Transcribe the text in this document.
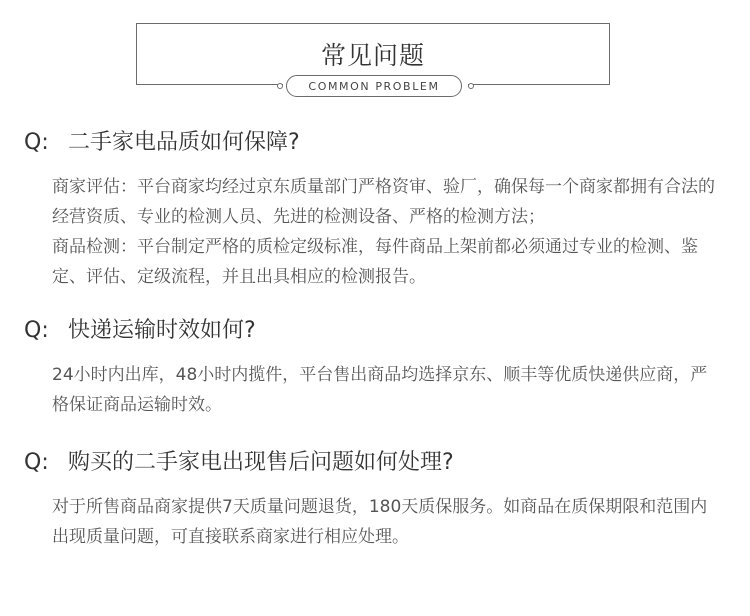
常见问题
COMMON PROBLEM
Q: 二手家电品质如何保障?

商家评估：平台商家均经过京东质量部门严格资审、验厂，确保每一个商家都拥有合法的经营资质、专业的检测人员、先进的检测设备、严格的检测方法；

商品检测：平台制定严格的质检定级标准，每件商品上架前都必须通过专业的检测、鉴定、评估、定级流程，并且出具相应的检测报告。

Q: 快递运输时效如何?

24小时内出库，48小时内揽件，平台售出商品均选择京东、顺丰等优质快递供应商，严格保证商品运输时效。

Q: 购买的二手家电出现售后问题如何处理?

对于所售商品商家提供7天质量问题退货，180天质保服务。如商品在质保期限和范围内出现质量问题，可直接联系商家进行相应处理。
